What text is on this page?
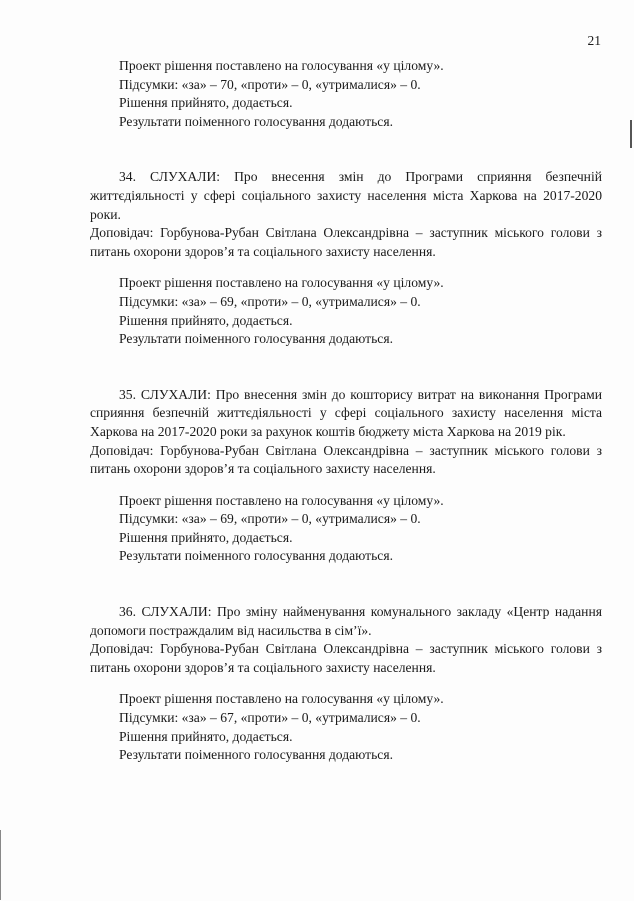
21

Проект рішення поставлено на голосування «у цілому».

Підсумки: «за» – 70, «проти» – 0, «утрималися» – 0.

Рішення прийнято, додається.

Результати поіменного голосування додаються.

34. СЛУХАЛИ: Про внесення змін до Програми сприяння безпечній життєдіяльності у сфері соціального захисту населення міста Харкова на 2017-2020 роки.

Доповідач: Горбунова-Рубан Світлана Олександрівна – заступник міського голови з питань охорони здоров’я та соціального захисту населення.

Проект рішення поставлено на голосування «у цілому».

Підсумки: «за» – 69, «проти» – 0, «утрималися» – 0.

Рішення прийнято, додається.

Результати поіменного голосування додаються.

35. СЛУХАЛИ: Про внесення змін до кошторису витрат на виконання Програми сприяння безпечній життєдіяльності у сфері соціального захисту населення міста Харкова на 2017-2020 роки за рахунок коштів бюджету міста Харкова на 2019 рік.

Доповідач: Горбунова-Рубан Світлана Олександрівна – заступник міського голови з питань охорони здоров’я та соціального захисту населення.

Проект рішення поставлено на голосування «у цілому».

Підсумки: «за» – 69, «проти» – 0, «утрималися» – 0.

Рішення прийнято, додається.

Результати поіменного голосування додаються.

36. СЛУХАЛИ: Про зміну найменування комунального закладу «Центр надання допомоги постраждалим від насильства в сім’ї».

Доповідач: Горбунова-Рубан Світлана Олександрівна – заступник міського голови з питань охорони здоров’я та соціального захисту населення.

Проект рішення поставлено на голосування «у цілому».

Підсумки: «за» – 67, «проти» – 0, «утрималися» – 0.

Рішення прийнято, додається.

Результати поіменного голосування додаються.
